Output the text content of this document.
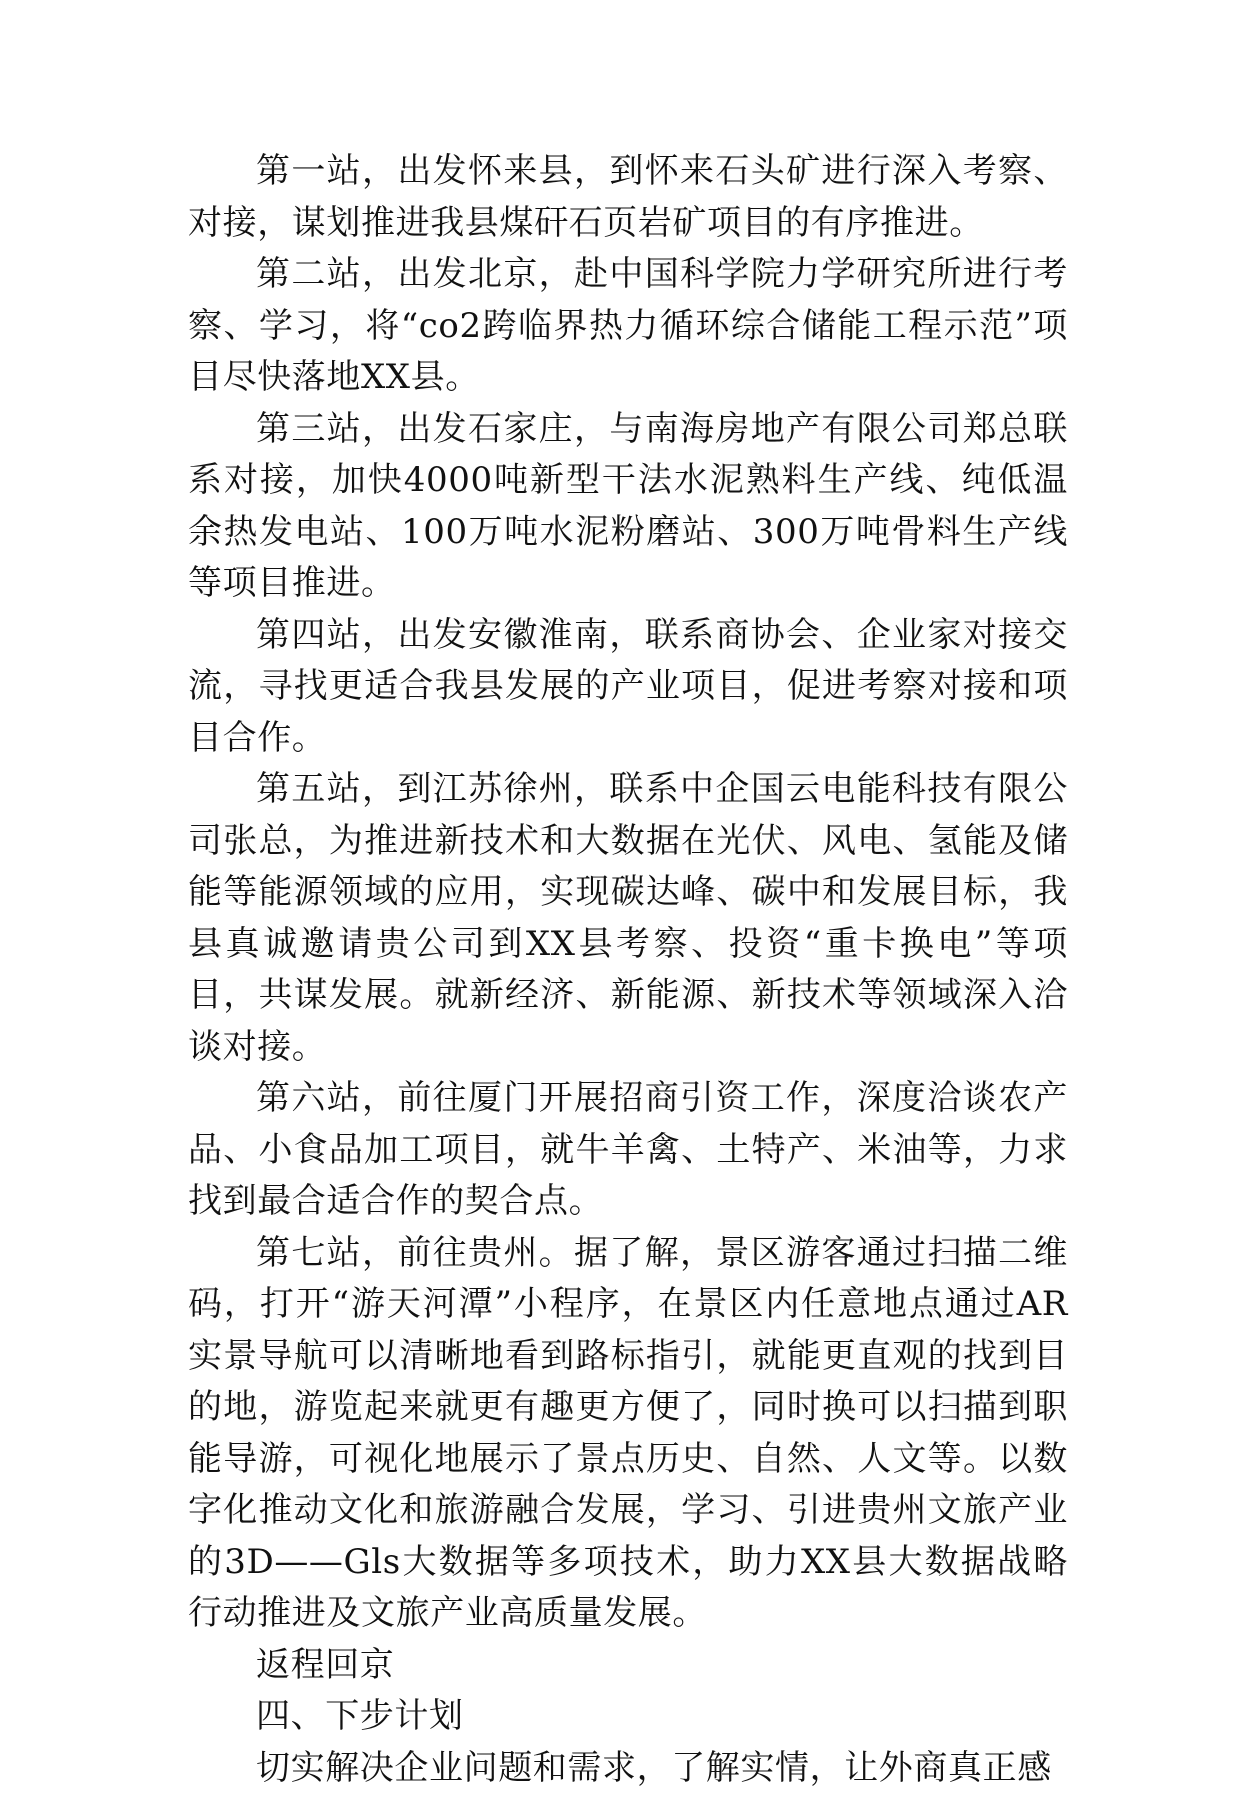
第一站，出发怀来县，到怀来石头矿进行深入考察、对接，谋划推进我县煤矸石页岩矿项目的有序推进。

第二站，出发北京，赴中国科学院力学研究所进行考察、学习，将“co2跨临界热力循环综合储能工程示范”项目尽快落地XX县。

第三站，出发石家庄，与南海房地产有限公司郑总联系对接，加快4000吨新型干法水泥熟料生产线、纯低温余热发电站、100万吨水泥粉磨站、300万吨骨料生产线等项目推进。

第四站，出发安徽淮南，联系商协会、企业家对接交流，寻找更适合我县发展的产业项目，促进考察对接和项目合作。

第五站，到江苏徐州，联系中企国云电能科技有限公司张总，为推进新技术和大数据在光伏、风电、氢能及储能等能源领域的应用，实现碳达峰、碳中和发展目标，我县真诚邀请贵公司到XX县考察、投资“重卡换电”等项目，共谋发展。就新经济、新能源、新技术等领域深入洽谈对接。

第六站，前往厦门开展招商引资工作，深度洽谈农产品、小食品加工项目，就牛羊禽、土特产、米油等，力求找到最合适合作的契合点。

第七站，前往贵州。据了解，景区游客通过扫描二维码，打开“游天河潭”小程序，在景区内任意地点通过AR实景导航可以清晰地看到路标指引，就能更直观的找到目的地，游览起来就更有趣更方便了，同时换可以扫描到职能导游，可视化地展示了景点历史、自然、人文等。以数字化推动文化和旅游融合发展，学习、引进贵州文旅产业的3D——Gls大数据等多项技术，助力XX县大数据战略行动推进及文旅产业高质量发展。

返程回京

四、下步计划

切实解决企业问题和需求，了解实情，让外商真正感
